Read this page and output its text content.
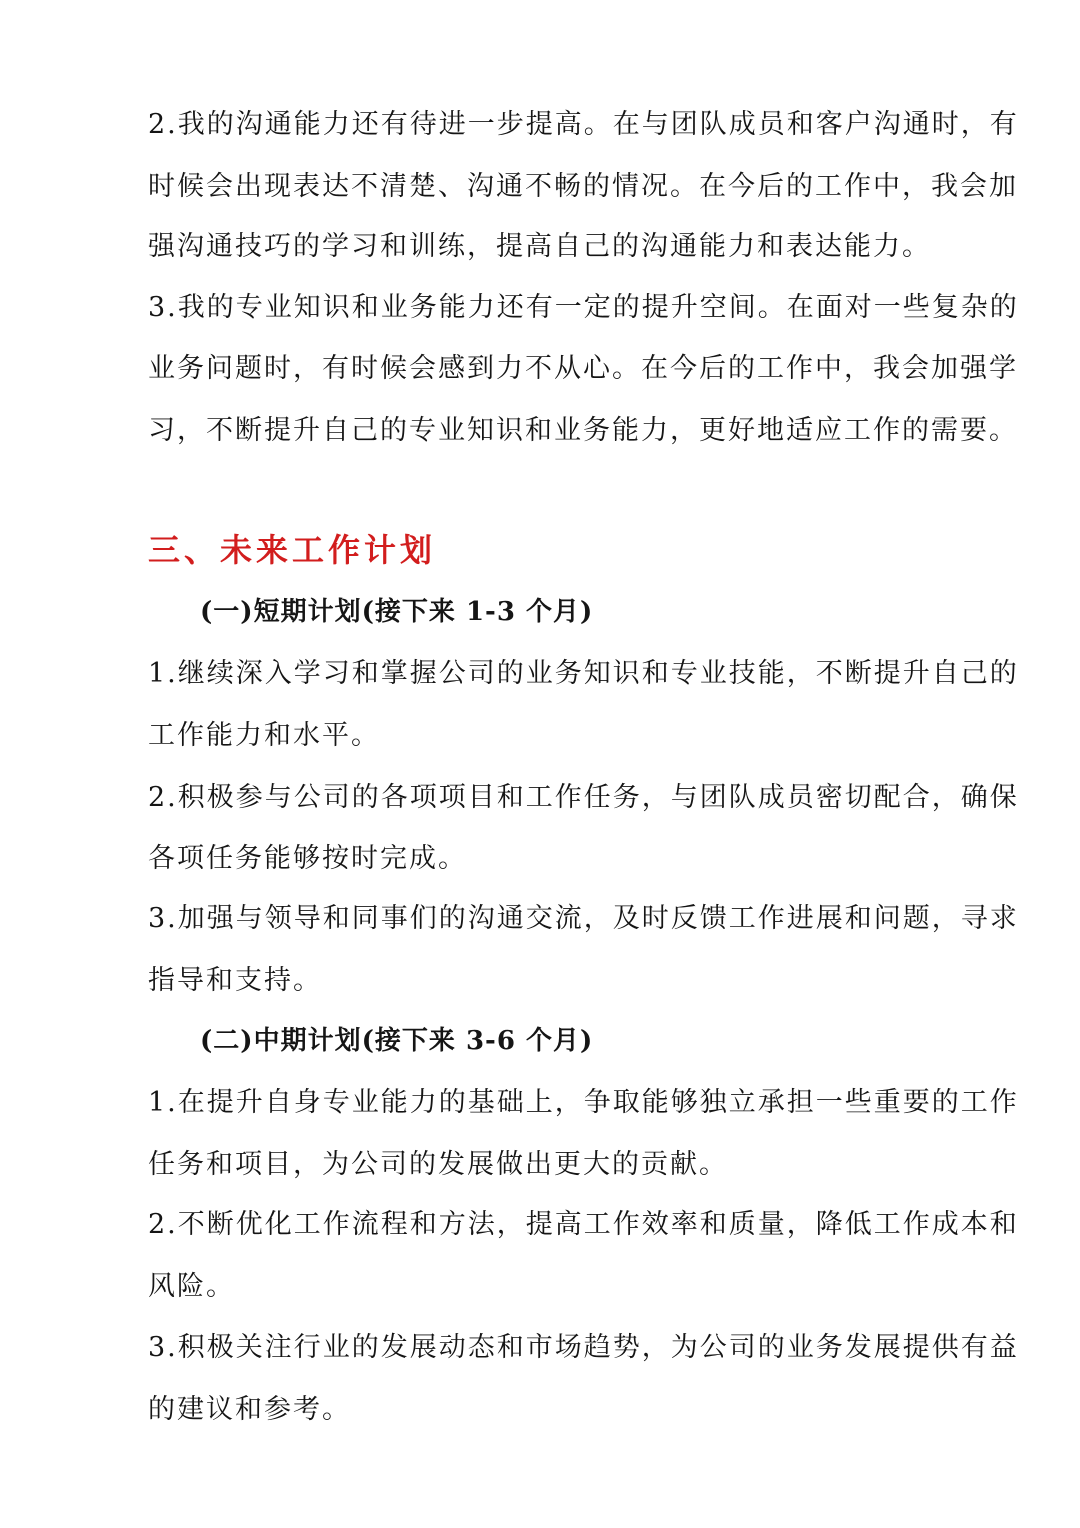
2.我的沟通能力还有待进一步提高。在与团队成员和客户沟通时，有
时候会出现表达不清楚、沟通不畅的情况。在今后的工作中，我会加
强沟通技巧的学习和训练，提高自己的沟通能力和表达能力。
3.我的专业知识和业务能力还有一定的提升空间。在面对一些复杂的
业务问题时，有时候会感到力不从心。在今后的工作中，我会加强学
习，不断提升自己的专业知识和业务能力，更好地适应工作的需要。
三、未来工作计划
(一)短期计划(接下来 1-3 个月)
1.继续深入学习和掌握公司的业务知识和专业技能，不断提升自己的
工作能力和水平。
2.积极参与公司的各项项目和工作任务，与团队成员密切配合，确保
各项任务能够按时完成。
3.加强与领导和同事们的沟通交流，及时反馈工作进展和问题，寻求
指导和支持。
(二)中期计划(接下来 3-6 个月)
1.在提升自身专业能力的基础上，争取能够独立承担一些重要的工作
任务和项目，为公司的发展做出更大的贡献。
2.不断优化工作流程和方法，提高工作效率和质量，降低工作成本和
风险。
3.积极关注行业的发展动态和市场趋势，为公司的业务发展提供有益
的建议和参考。
